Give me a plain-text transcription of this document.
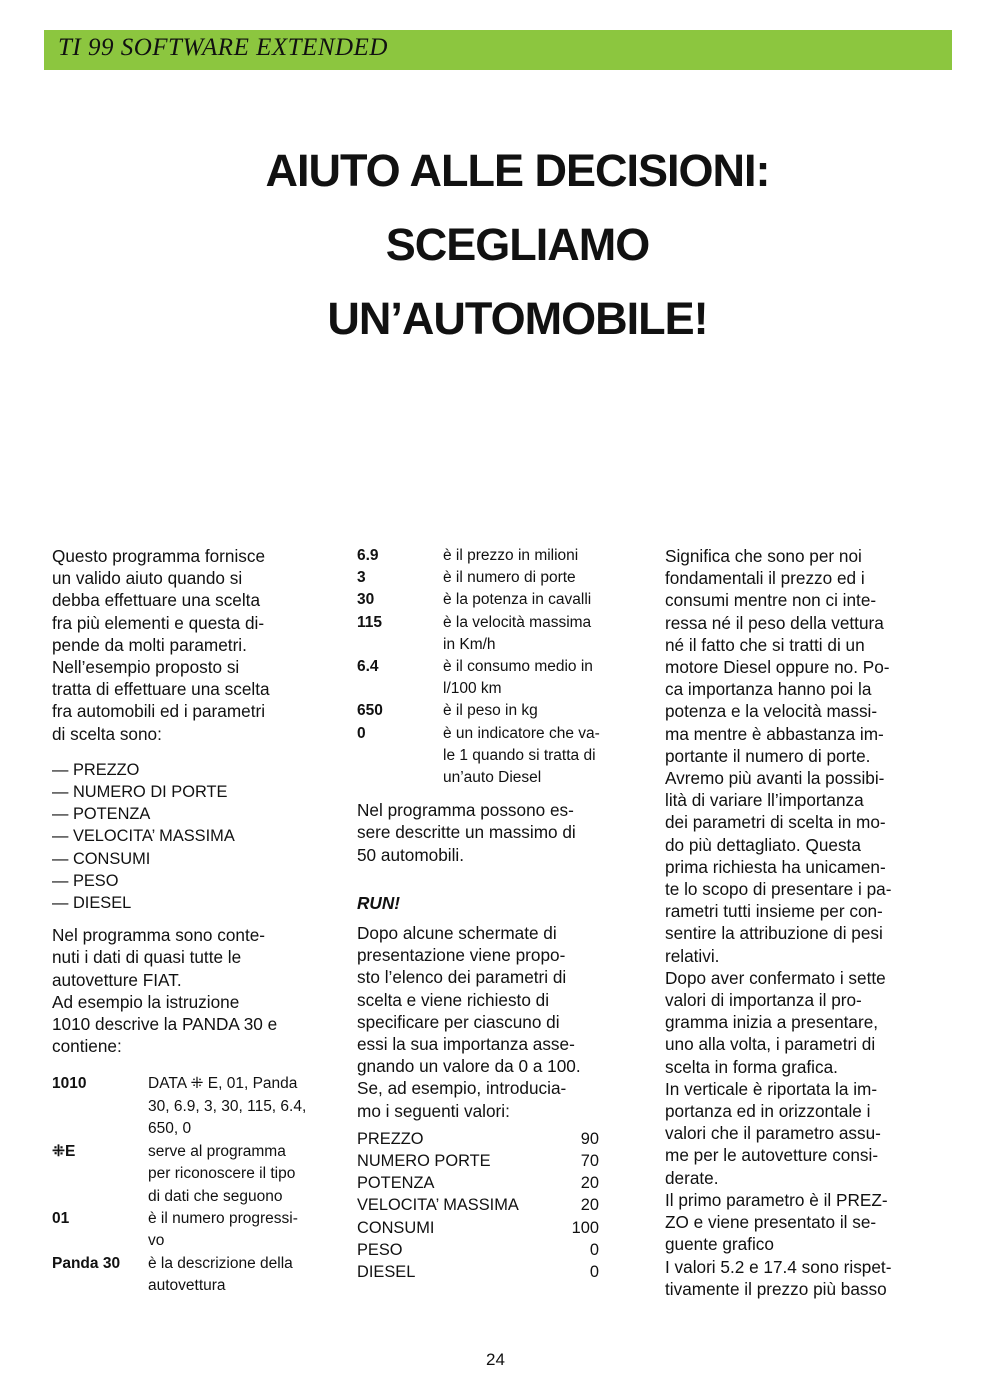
TI 99 SOFTWARE EXTENDED
AIUTO ALLE DECISIONI:
SCEGLIAMO
UN’AUTOMOBILE!
Questo programma fornisce
un valido aiuto quando si
debba effettuare una scelta
fra più elementi e questa di-
pende da molti parametri.
Nell’esempio proposto si
tratta di effettuare una scelta
fra automobili ed i parametri
di scelta sono:
— PREZZO
— NUMERO DI PORTE
— POTENZA
— VELOCITA’ MASSIMA
— CONSUMI
— PESO
— DIESEL
Nel programma sono conte-
nuti i dati di quasi tutte le
autovetture FIAT.
Ad esempio la istruzione
1010 descrive la PANDA 30 e
contiene:
1010	DATA ⁜ E, 01, Panda
30, 6.9, 3, 30, 115, 6.4,
650, 0
⁜E	serve al programma
per riconoscere il tipo
di dati che seguono
01	è il numero progressi-
vo
Panda 30	è la descrizione della
autovettura
6.9	è il prezzo in milioni
3	è il numero di porte
30	è la potenza in cavalli
115	è la velocità massima
in Km/h
6.4	è il consumo medio in
l/100 km
650	è il peso in kg
0	è un indicatore che va-
le 1 quando si tratta di
un’auto Diesel
Nel programma possono es-
sere descritte un massimo di
50 automobili.
RUN!
Dopo alcune schermate di
presentazione viene propo-
sto l’elenco dei parametri di
scelta e viene richiesto di
specificare per ciascuno di
essi la sua importanza asse-
gnando un valore da 0 a 100.
Se, ad esempio, introducia-
mo i seguenti valori:
PREZZO	90
NUMERO PORTE	70
POTENZA	20
VELOCITA’ MASSIMA	20
CONSUMI	100
PESO	0
DIESEL	0
Significa che sono per noi
fondamentali il prezzo ed i
consumi mentre non ci inte-
ressa né il peso della vettura
né il fatto che si tratti di un
motore Diesel oppure no. Po-
ca importanza hanno poi la
potenza e la velocità massi-
ma mentre è abbastanza im-
portante il numero di porte.
Avremo più avanti la possibi-
lità di variare ll’importanza
dei parametri di scelta in mo-
do più dettagliato. Questa
prima richiesta ha unicamen-
te lo scopo di presentare i pa-
rametri tutti insieme per con-
sentire la attribuzione di pesi
relativi.
Dopo aver confermato i sette
valori di importanza il pro-
gramma inizia a presentare,
uno alla volta, i parametri di
scelta in forma grafica.
In verticale è riportata la im-
portanza ed in orizzontale i
valori che il parametro assu-
me per le autovetture consi-
derate.
Il primo parametro è il PREZ-
ZO e viene presentato il se-
guente grafico
I valori 5.2 e 17.4 sono rispet-
tivamente il prezzo più basso
24
